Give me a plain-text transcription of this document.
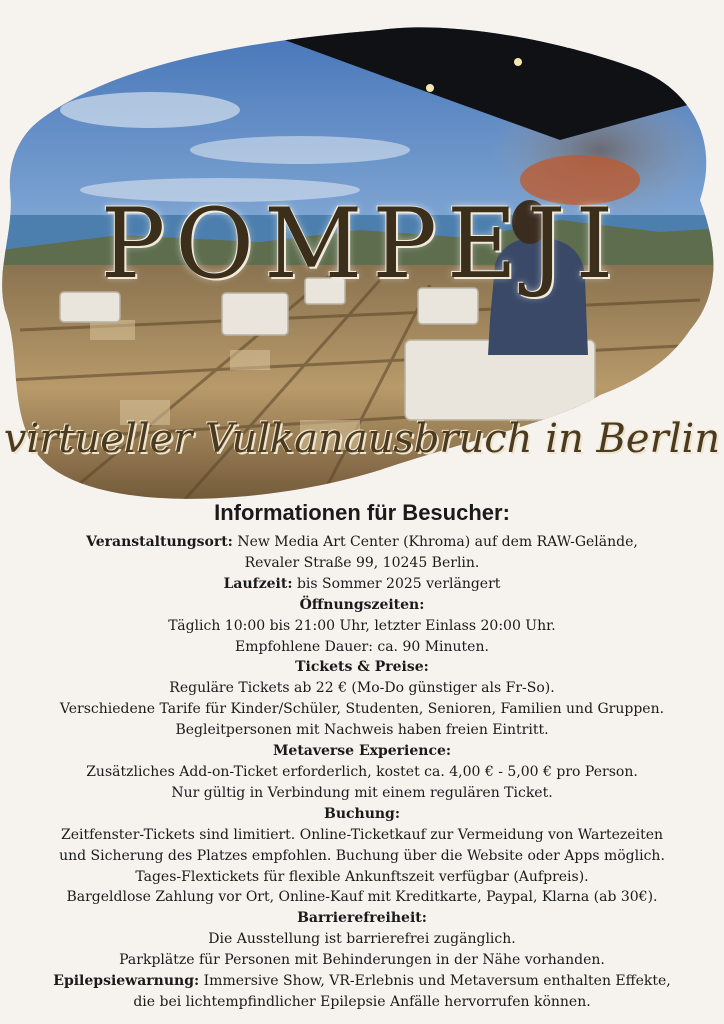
POMPEJI
virtueller Vulkanausbruch in Berlin
Informationen für Besucher:

Veranstaltungsort: New Media Art Center (Khroma) auf dem RAW-Gelände,

Revaler Straße 99, 10245 Berlin.

Laufzeit: bis Sommer 2025 verlängert

Öffnungszeiten:

Täglich 10:00 bis 21:00 Uhr, letzter Einlass 20:00 Uhr.

Empfohlene Dauer: ca. 90 Minuten.

Tickets & Preise:

Reguläre Tickets ab 22 € (Mo-Do günstiger als Fr-So).

Verschiedene Tarife für Kinder/Schüler, Studenten, Senioren, Familien und Gruppen.

Begleitpersonen mit Nachweis haben freien Eintritt.

Metaverse Experience:

Zusätzliches Add-on-Ticket erforderlich, kostet ca. 4,00 € - 5,00 € pro Person.

Nur gültig in Verbindung mit einem regulären Ticket.

Buchung:

Zeitfenster-Tickets sind limitiert. Online-Ticketkauf zur Vermeidung von Wartezeiten

und Sicherung des Platzes empfohlen. Buchung über die Website oder Apps möglich.

Tages-Flextickets für flexible Ankunftszeit verfügbar (Aufpreis).

Bargeldlose Zahlung vor Ort, Online-Kauf mit Kreditkarte, Paypal, Klarna (ab 30€).

Barrierefreiheit:

Die Ausstellung ist barrierefrei zugänglich.

Parkplätze für Personen mit Behinderungen in der Nähe vorhanden.

Epilepsiewarnung: Immersive Show, VR-Erlebnis und Metaversum enthalten Effekte,

die bei lichtempfindlicher Epilepsie Anfälle hervorrufen können.
